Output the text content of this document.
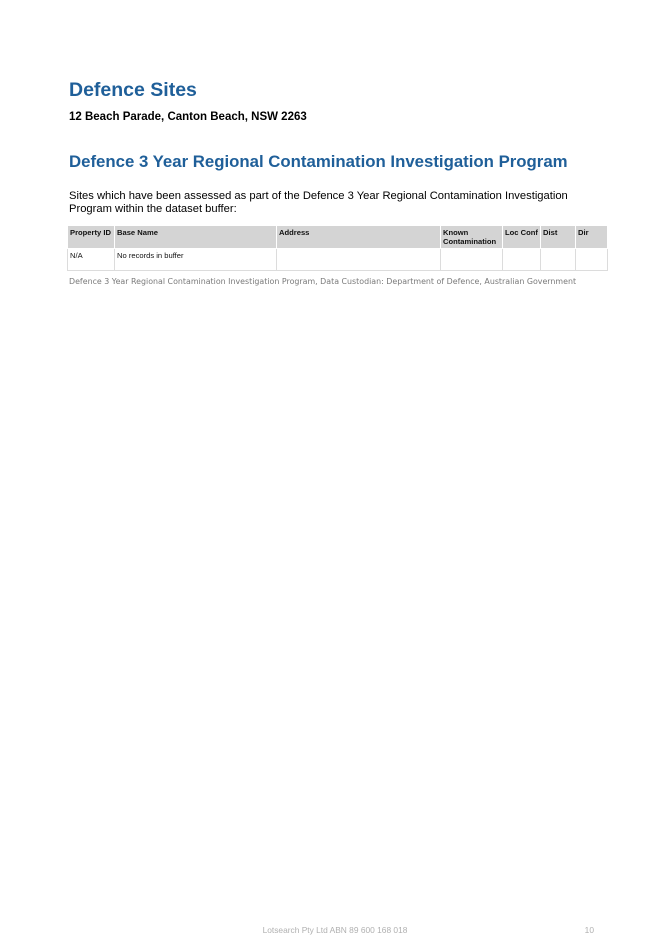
Defence Sites

12 Beach Parade, Canton Beach, NSW 2263

Defence 3 Year Regional Contamination Investigation Program

Sites which have been assessed as part of the Defence 3 Year Regional Contamination Investigation Program within the dataset buffer:

Property ID	Base Name	Address	Known Contamination	Loc Conf	Dist	Dir
N/A	No records in buffer					

Defence 3 Year Regional Contamination Investigation Program, Data Custodian: Department of Defence, Australian Government

Lotsearch Pty Ltd ABN 89 600 168 018	10
